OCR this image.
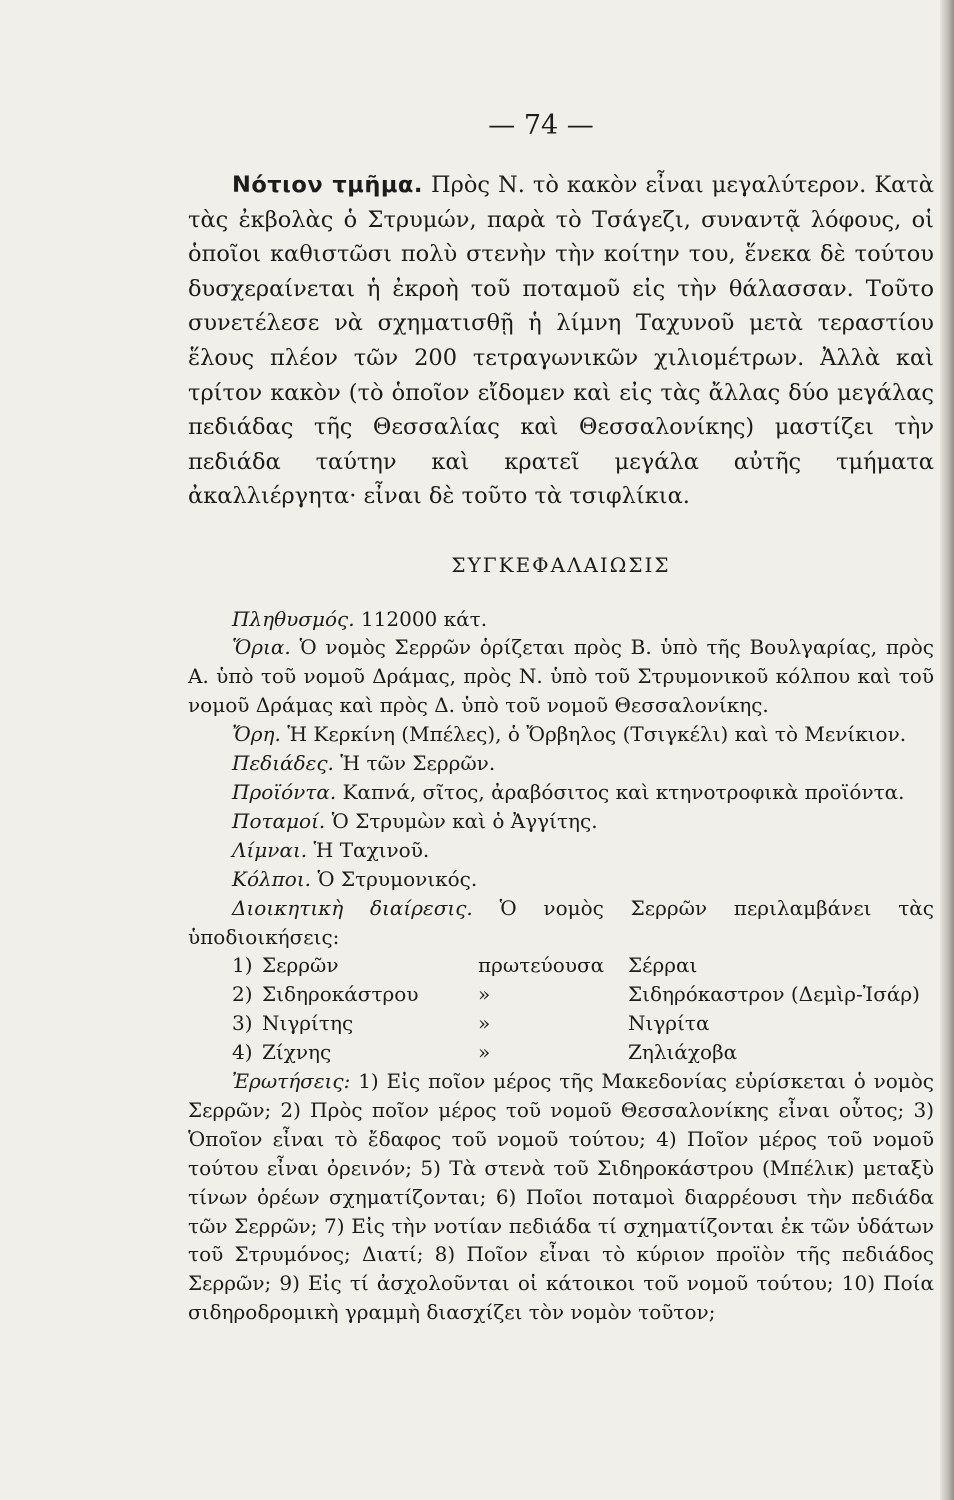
— 74 —

Νότιον τμῆμα. Πρὸς Ν. τὸ κακὸν εἶναι μεγαλύτερον. Κατὰ τὰς ἐκβολὰς ὁ Στρυμών, παρὰ τὸ Τσάγεζι, συναντᾷ λόφους, οἱ ὁποῖοι καθιστῶσι πολὺ στενὴν τὴν κοίτην του, ἕνεκα δὲ τούτου δυσχεραίνεται ἡ ἐκροὴ τοῦ ποταμοῦ εἰς τὴν θάλασσαν. Τοῦτο συνετέλεσε νὰ σχηματισθῇ ἡ λίμνη Ταχυνοῦ μετὰ τεραστίου ἕλους πλέον τῶν 200 τετραγωνικῶν χιλιομέτρων. Ἀλλὰ καὶ τρίτον κακὸν (τὸ ὁποῖον εἴδομεν καὶ εἰς τὰς ἄλλας δύο μεγάλας πεδιάδας τῆς Θεσσαλίας καὶ Θεσσαλονίκης) μαστίζει τὴν πεδιάδα ταύτην καὶ κρατεῖ μεγάλα αὐτῆς τμήματα ἀκαλλιέργητα· εἶναι δὲ τοῦτο τὰ τσιφλίκια.

ΣΥΓΚΕΦΑΛΑΙΩΣΙΣ

Πληθυσμός. 112000 κάτ.

Ὅρια. Ὁ νομὸς Σερρῶν ὁρίζεται πρὸς Β. ὑπὸ τῆς Βουλγαρίας, πρὸς Α. ὑπὸ τοῦ νομοῦ Δράμας, πρὸς Ν. ὑπὸ τοῦ Στρυμονικοῦ κόλπου καὶ τοῦ νομοῦ Δράμας καὶ πρὸς Δ. ὑπὸ τοῦ νομοῦ Θεσσαλονίκης.

Ὄρη. Ἡ Κερκίνη (Μπέλες), ὁ Ὄρβηλος (Τσιγκέλι) καὶ τὸ Μενίκιον.

Πεδιάδες. Ἡ τῶν Σερρῶν.

Προϊόντα. Καπνά, σῖτος, ἀραβόσιτος καὶ κτηνοτροφικὰ προϊόντα.

Ποταμοί. Ὁ Στρυμὼν καὶ ὁ Ἀγγίτης.

Λίμναι. Ἡ Ταχινοῦ.

Κόλποι. Ὁ Στρυμονικός.

Διοικητικὴ διαίρεσις. Ὁ νομὸς Σερρῶν περιλαμβάνει τὰς ὑποδιοικήσεις:

1) Σερρῶν	πρωτεύουσα	Σέρραι
2) Σιδηροκάστρου	»	Σιδηρόκαστρον (Δεμὶρ-Ἰσάρ)
3) Νιγρίτης	»	Νιγρίτα
4) Ζίχνης	»	Ζηλιάχοβα

Ἐρωτήσεις: 1) Εἰς ποῖον μέρος τῆς Μακεδονίας εὑρίσκεται ὁ νομὸς Σερρῶν; 2) Πρὸς ποῖον μέρος τοῦ νομοῦ Θεσσαλονίκης εἶναι οὗτος; 3) Ὁποῖον εἶναι τὸ ἔδαφος τοῦ νομοῦ τούτου; 4) Ποῖον μέρος τοῦ νομοῦ τούτου εἶναι ὀρεινόν; 5) Τὰ στενὰ τοῦ Σιδηροκάστρου (Μπέλικ) μεταξὺ τίνων ὀρέων σχηματίζονται; 6) Ποῖοι ποταμοὶ διαρρέουσι τὴν πεδιάδα τῶν Σερρῶν; 7) Εἰς τὴν νοτίαν πεδιάδα τί σχηματίζονται ἐκ τῶν ὑδάτων τοῦ Στρυμόνος; Διατί; 8) Ποῖον εἶναι τὸ κύριον προϊὸν τῆς πεδιάδος Σερρῶν; 9) Εἰς τί ἀσχολοῦνται οἱ κάτοικοι τοῦ νομοῦ τούτου; 10) Ποία σιδηροδρομικὴ γραμμὴ διασχίζει τὸν νομὸν τοῦτον;
